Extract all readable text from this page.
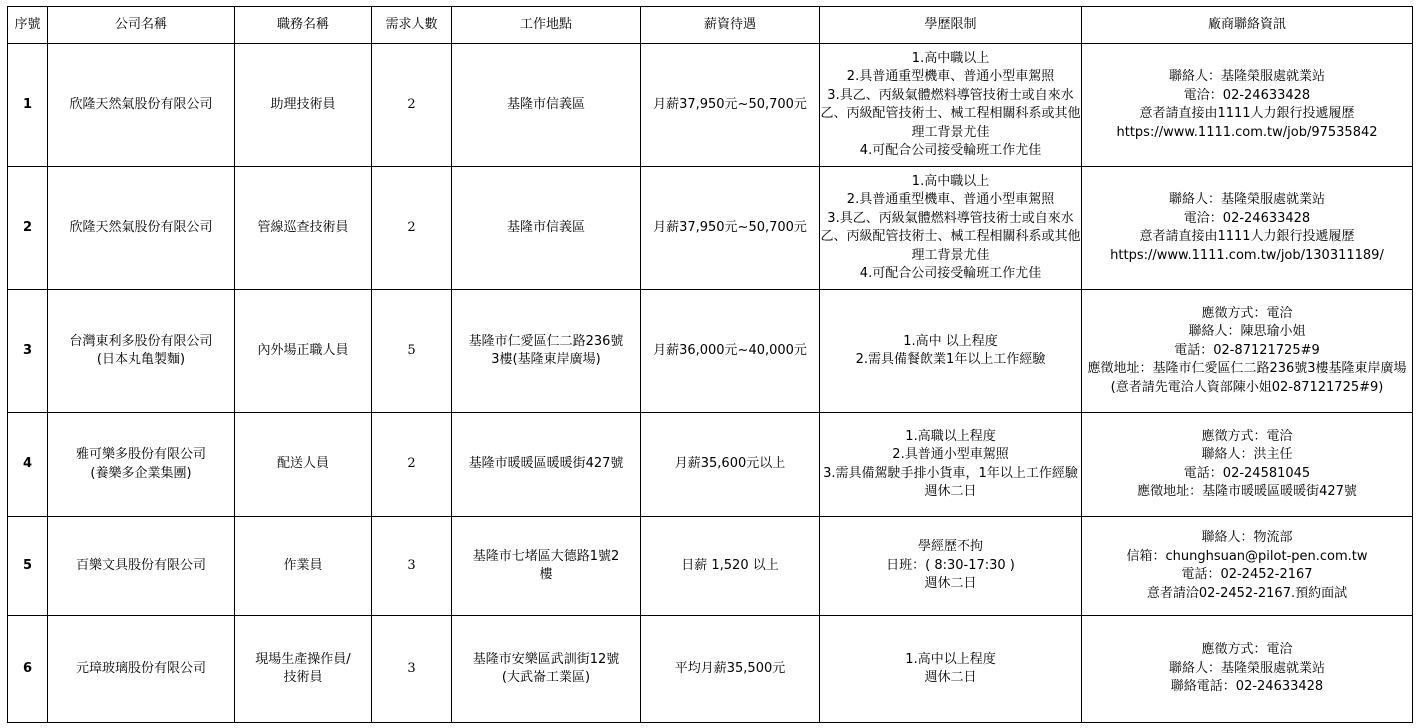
序號	公司名稱	職務名稱	需求人數	工作地點	薪資待遇	學歷限制	廠商聯絡資訊
1	欣隆天然氣股份有限公司	助理技術員	2	基隆市信義區	月薪37,950元~50,700元	1.高中職以上
2.具普通重型機車、普通小型車駕照
3.具乙、丙級氣體燃料導管技術士或自來水乙、丙級配管技術士、械工程相關科系或其他理工背景尤佳
4.可配合公司接受輪班工作尤佳	聯絡人：基隆榮服處就業站
電洽：02-24633428
意者請直接由1111人力銀行投遞履歷
https://www.1111.com.tw/job/97535842

2	欣隆天然氣股份有限公司	管線巡查技術員	2	基隆市信義區	月薪37,950元~50,700元	1.高中職以上
2.具普通重型機車、普通小型車駕照
3.具乙、丙級氣體燃料導管技術士或自來水乙、丙級配管技術士、械工程相關科系或其他理工背景尤佳
4.可配合公司接受輪班工作尤佳	聯絡人：基隆榮服處就業站
電洽：02-24633428
意者請直接由1111人力銀行投遞履歷
https://www.1111.com.tw/job/130311189/

3	台灣東利多股份有限公司
(日本丸亀製麵)	內外場正職人員	5	基隆市仁愛區仁二路236號
3樓(基隆東岸廣場)	月薪36,000元~40,000元	1.高中 以上程度
2.需具備餐飲業1年以上工作經驗	應徵方式：電洽
聯絡人：陳思瑜小姐
電話：02-87121725#9
應徵地址：基隆市仁愛區仁二路236號3樓基隆東岸廣場(意者請先電洽人資部陳小姐02-87121725#9)

4	雅可樂多股份有限公司
(養樂多企業集團)	配送人員	2	基隆市暖暖區暖暖街427號	月薪35,600元以上	1.高職以上程度
2.具普通小型車駕照
3.需具備駕駛手排小貨車，1年以上工作經驗
週休二日	應徵方式：電洽
聯絡人：洪主任
電話：02-24581045
應徵地址：基隆市暖暖區暖暖街427號

5	百樂文具股份有限公司	作業員	3	基隆市七堵區大德路1號2
樓	日薪 1,520 以上	學經歷不拘
日班：( 8:30-17:30 )
週休二日	聯絡人：物流部
信箱：chunghsuan@pilot-pen.com.tw
電話：02-2452-2167
意者請洽02-2452-2167.預約面試

6	元璋玻璃股份有限公司	現場生產操作員/
技術員	3	基隆市安樂區武訓街12號
(大武崙工業區)	平均月薪35,500元	1.高中以上程度
週休二日	應徵方式：電洽
聯絡人：基隆榮服處就業站
聯絡電話：02-24633428
